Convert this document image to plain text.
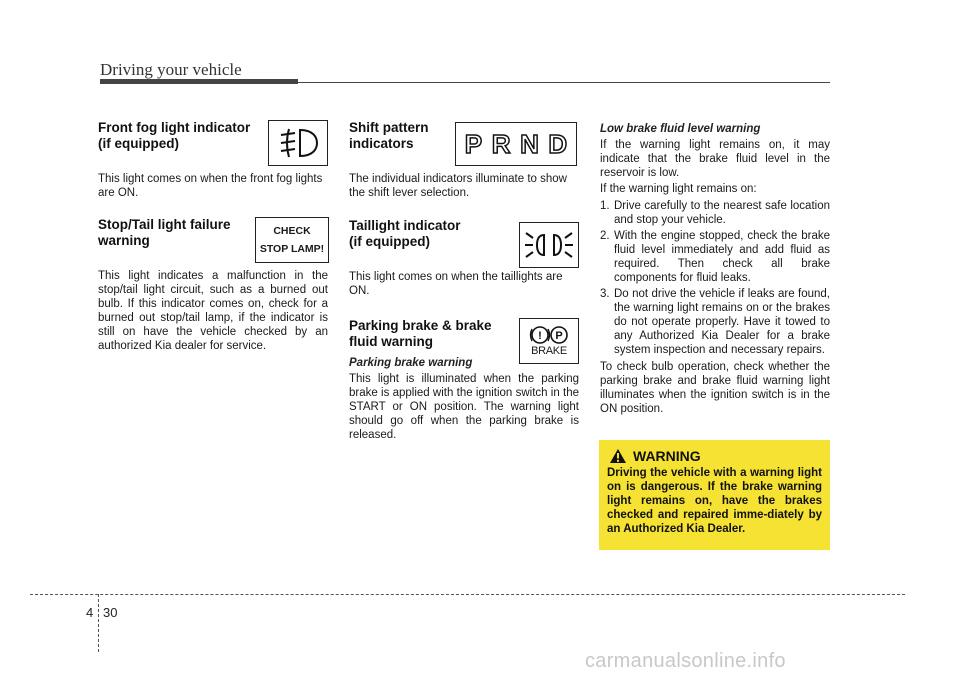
Driving your vehicle
Front fog light indicator
(if equipped)

This light comes on when the front fog lights are ON.

Stop/Tail light failure
warning
CHECK
STOP LAMP!

This light indicates a malfunction in the stop/tail light circuit, such as a burned out bulb. If this indicator comes on, check for a burned out stop/tail lamp, if the indicator is still on have the vehicle checked by an authorized Kia dealer for service.

Shift pattern
indicators	P R N D

The individual indicators illuminate to show the shift lever selection.

Taillight indicator
(if equipped)

This light comes on when the taillights are ON.

Parking brake & brake
fluid warning	! P
BRAKE

Parking brake warning

This light is illuminated when the parking brake is applied with the ignition switch in the START or ON position. The warning light should go off when the parking brake is released.

Low brake fluid level warning

If the warning light remains on, it may indicate that the brake fluid level in the reservoir is low.

If the warning light remains on:

1. Drive carefully to the nearest safe location and stop your vehicle.
2. With the engine stopped, check the brake fluid level immediately and add fluid as required. Then check all brake components for fluid leaks.
3. Do not drive the vehicle if leaks are found, the warning light remains on or the brakes do not operate properly. Have it towed to any Authorized Kia Dealer for a brake system inspection and necessary repairs.

To check bulb operation, check whether the parking brake and brake fluid warning light illuminates when the ignition switch is in the ON position.

WARNING
Driving the vehicle with a warning light on is dangerous. If the brake warning light remains on, have the brakes checked and repaired imme-diately by an Authorized Kia Dealer.
4 30
carmanualsonline.info
